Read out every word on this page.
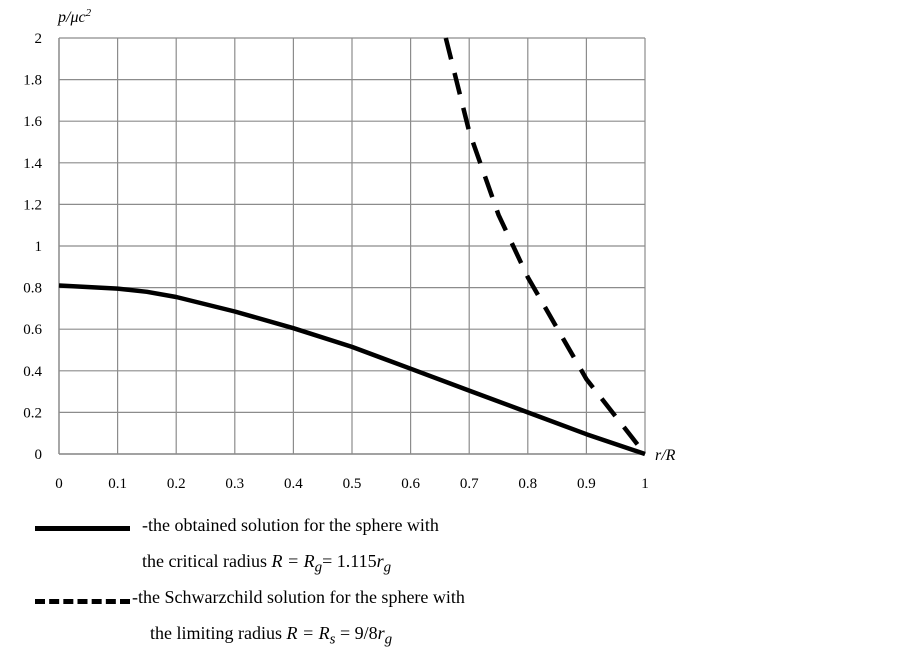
0
0.2
0.4
0.6
0.8
1
1.2
1.4
1.6
1.8
2
0	0.1	0.2	0.3	0.4	0.5	0.6	0.7	0.8	0.9	1
$p/\mu c^2$
r/R
-the obtained solution for the sphere with
the critical radius $R = R_g= 1.115r_g$
-the Schwarzchild solution for the sphere with
the limiting radius $R = R_s = 9/8r_g$
